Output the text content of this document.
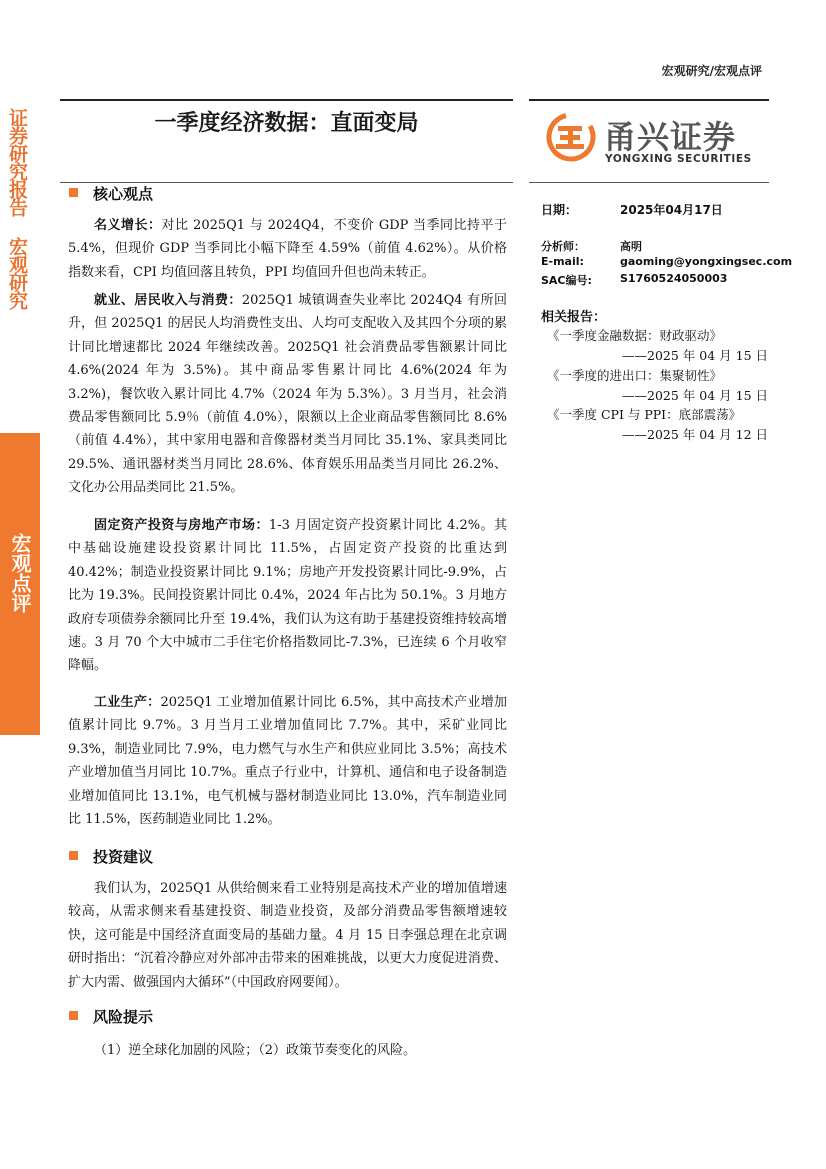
宏观研究/宏观点评
证券研究报告 宏观研究
宏观点评
一季度经济数据：直面变局	甬兴证券
YONGXING SECURITIES
核心观点
名义增长：对比 2025Q1 与 2024Q4，不变价 GDP 当季同比持平于 5.4%，但现价 GDP 当季同比小幅下降至 4.59%（前值 4.62%）。从价格指数来看，CPI 均值回落且转负，PPI 均值回升但也尚未转正。
就业、居民收入与消费：2025Q1 城镇调查失业率比 2024Q4 有所回升，但 2025Q1 的居民人均消费性支出、人均可支配收入及其四个分项的累计同比增速都比 2024 年继续改善。2025Q1 社会消费品零售额累计同比 4.6%(2024 年为 3.5%)。其中商品零售累计同比 4.6%(2024 年为 3.2%)，餐饮收入累计同比 4.7%（2024 年为 5.3%）。3 月当月，社会消费品零售额同比 5.9％（前值 4.0%），限额以上企业商品零售额同比 8.6%（前值 4.4%），其中家用电器和音像器材类当月同比 35.1%、家具类同比 29.5%、通讯器材类当月同比 28.6%、体育娱乐用品类当月同比 26.2%、文化办公用品类同比 21.5%。
固定资产投资与房地产市场：1-3 月固定资产投资累计同比 4.2%。其中基础设施建设投资累计同比 11.5%，占固定资产投资的比重达到 40.42%；制造业投资累计同比 9.1%；房地产开发投资累计同比-9.9%，占比为 19.3%。民间投资累计同比 0.4%，2024 年占比为 50.1%。3 月地方政府专项债券余额同比升至 19.4%，我们认为这有助于基建投资维持较高增速。3 月 70 个大中城市二手住宅价格指数同比-7.3%，已连续 6 个月收窄降幅。
工业生产：2025Q1 工业增加值累计同比 6.5%，其中高技术产业增加值累计同比 9.7%。3 月当月工业增加值同比 7.7%。其中，采矿业同比 9.3%，制造业同比 7.9%，电力燃气与水生产和供应业同比 3.5%；高技术产业增加值当月同比 10.7%。重点子行业中，计算机、通信和电子设备制造业增加值同比 13.1%，电气机械与器材制造业同比 13.0%，汽车制造业同比 11.5%，医药制造业同比 1.2%。
投资建议
我们认为，2025Q1 从供给侧来看工业特别是高技术产业的增加值增速较高，从需求侧来看基建投资、制造业投资，及部分消费品零售额增速较快，这可能是中国经济直面变局的基础力量。4 月 15 日李强总理在北京调研时指出：“沉着冷静应对外部冲击带来的困难挑战，以更大力度促进消费、扩大内需、做强国内大循环”（中国政府网要闻）。
风险提示
（1）逆全球化加剧的风险；（2）政策节奏变化的风险。
日期：	2025年04月17日
分析师：	高明
E-mail:	gaoming@yongxingsec.com
SAC编号:	S1760524050003
相关报告：
《一季度金融数据：财政驱动》
——2025 年 04 月 15 日
《一季度的进出口：集聚韧性》
——2025 年 04 月 15 日
《一季度 CPI 与 PPI：底部震荡》
——2025 年 04 月 12 日
